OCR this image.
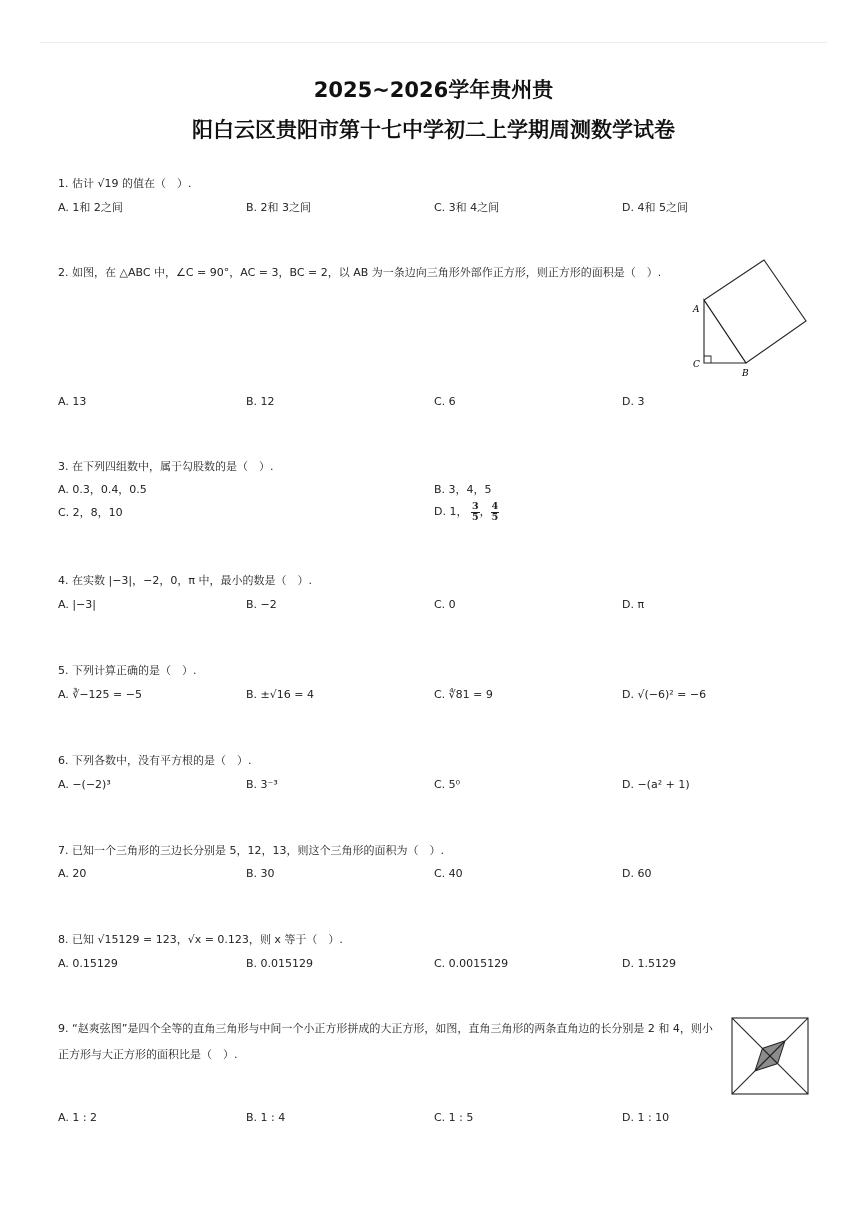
2025~2026学年贵州贵
阳白云区贵阳市第十七中学初二上学期周测数学试卷
1. 估计 √19 的值在（　）.
A. 1和 2之间	B. 2和 3之间	C. 3和 4之间	D. 4和 5之间
2. 如图，在 △ABC 中，∠C = 90°，AC = 3，BC = 2，以 AB 为一条边向三角形外部作正方形，则正方形的面积是（　）.
A
C
B
A. 13	B. 12	C. 6	D. 3
3. 在下列四组数中，属于勾股数的是（　）.
A. 0.3，0.4，0.5	B. 3，4，5
C. 2，8，10	D. 1， $\frac{3}{5}$ ， $\frac{4}{5}$
4. 在实数 |−3|，−2，0，π 中，最小的数是（　）.
A. |−3|	B. −2	C. 0	D. π
5. 下列计算正确的是（　）.
A. ∛−125 = −5	B. ±√16 = 4	C. ∜81 = 9	D. √(−6)² = −6
6. 下列各数中，没有平方根的是（　）.
A. −(−2)³	B. 3⁻³	C. 5⁰	D. −(a² + 1)
7. 已知一个三角形的三边长分别是 5，12，13，则这个三角形的面积为（　）.
A. 20	B. 30	C. 40	D. 60
8. 已知 √15129 = 123，√x = 0.123，则 x 等于（　）.
A. 0.15129	B. 0.015129	C. 0.0015129	D. 1.5129
9. “赵爽弦图”是四个全等的直角三角形与中间一个小正方形拼成的大正方形，如图，直角三角形的两条直角边的长分别是 2 和 4，则小正方形与大正方形的面积比是（　）.
A. 1 : 2	B. 1 : 4	C. 1 : 5	D. 1 : 10
